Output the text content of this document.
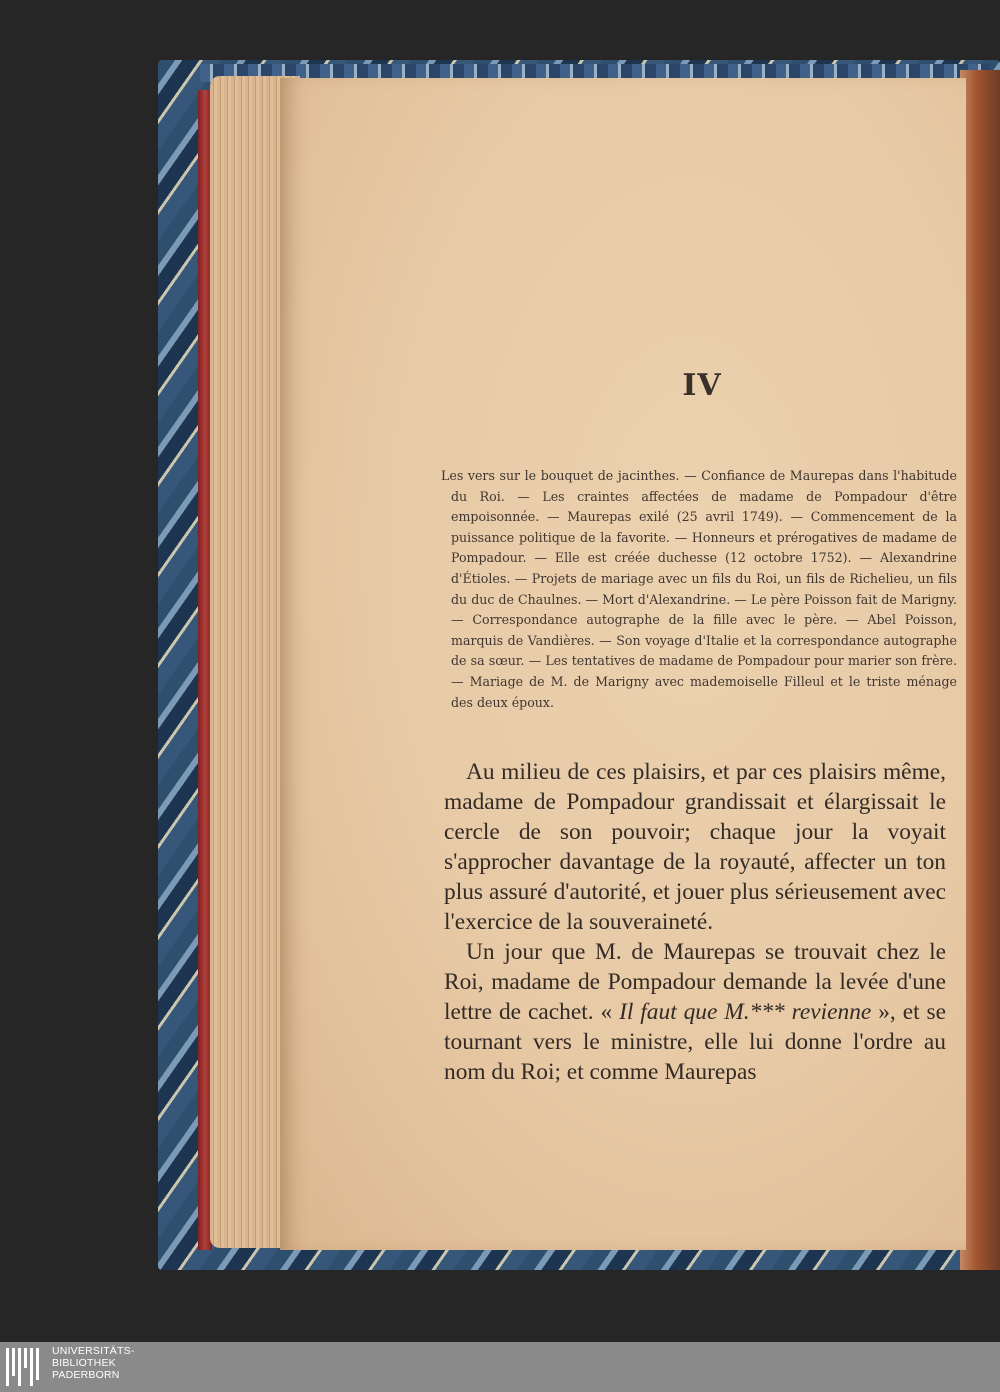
IV

Les vers sur le bouquet de jacinthes. — Confiance de Maurepas dans l'habitude du Roi. — Les craintes affectées de madame de Pompadour d'être empoisonnée. — Maurepas exilé (25 avril 1749). — Commencement de la puissance politique de la favorite. — Honneurs et prérogatives de madame de Pompadour. — Elle est créée duchesse (12 octobre 1752). — Alexandrine d'Étioles. — Projets de mariage avec un fils du Roi, un fils de Richelieu, un fils du duc de Chaulnes. — Mort d'Alexandrine. — Le père Poisson fait de Marigny. — Correspondance autographe de la fille avec le père. — Abel Poisson, marquis de Vandières. — Son voyage d'Italie et la correspondance autographe de sa sœur. — Les tentatives de madame de Pompadour pour marier son frère. — Mariage de M. de Marigny avec mademoiselle Filleul et le triste ménage des deux époux.

Au milieu de ces plaisirs, et par ces plaisirs même, madame de Pompadour grandissait et élargissait le cercle de son pouvoir; chaque jour la voyait s'approcher davantage de la royauté, affecter un ton plus assuré d'autorité, et jouer plus sérieusement avec l'exercice de la souveraineté.

Un jour que M. de Maurepas se trouvait chez le Roi, madame de Pompadour demande la levée d'une lettre de cachet. « Il faut que M.*** revienne », et se tournant vers le ministre, elle lui donne l'ordre au nom du Roi; et comme Maurepas

UNIVERSITÄTS-
BIBLIOTHEK
PADERBORN
